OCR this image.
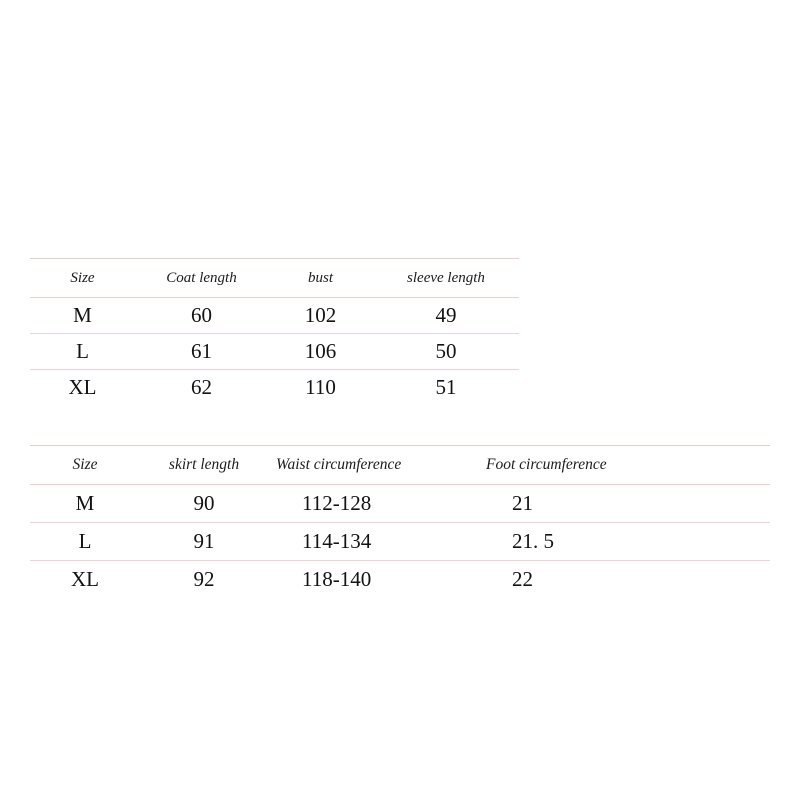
Size	Coat length	bust	sleeve length
M	60	102	49
L	61	106	50
XL	62	110	51
Size	skirt length	Waist circumference	Foot circumference
M	90	112-128	21
L	91	114-134	21. 5
XL	92	118-140	22
